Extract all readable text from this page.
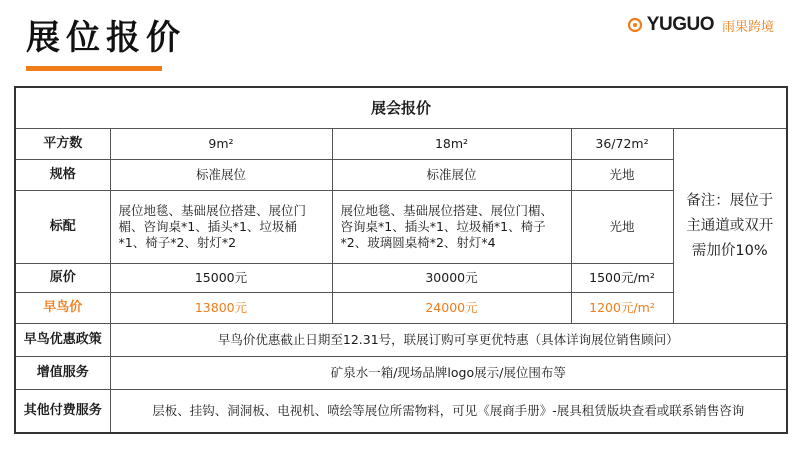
展位报价	YUGUO 雨果跨境
展会报价				
平方数	9m²	18m²	36/72m²	备注：展位于主通道或双开需加价10%
规格	标准展位	标准展位	光地	
标配	展位地毯、基础展位搭建、展位门楣、咨询桌*1、插头*1、垃圾桶*1、椅子*2、射灯*2	展位地毯、基础展位搭建、展位门楣、咨询桌*1、插头*1、垃圾桶*1、椅子*2、玻璃圆桌椅*2、射灯*4	光地	
原价	15000元	30000元	1500元/m²	
早鸟价	13800元	24000元	1200元/m²	
早鸟优惠政策	早鸟价优惠截止日期至12.31号，联展订购可享更优特惠（具体详询展位销售顾问）			
增值服务	矿泉水一箱/现场品牌logo展示/展位围布等			
其他付费服务	层板、挂钩、洞洞板、电视机、喷绘等展位所需物料，可见《展商手册》-展具租赁版块查看或联系销售咨询			
